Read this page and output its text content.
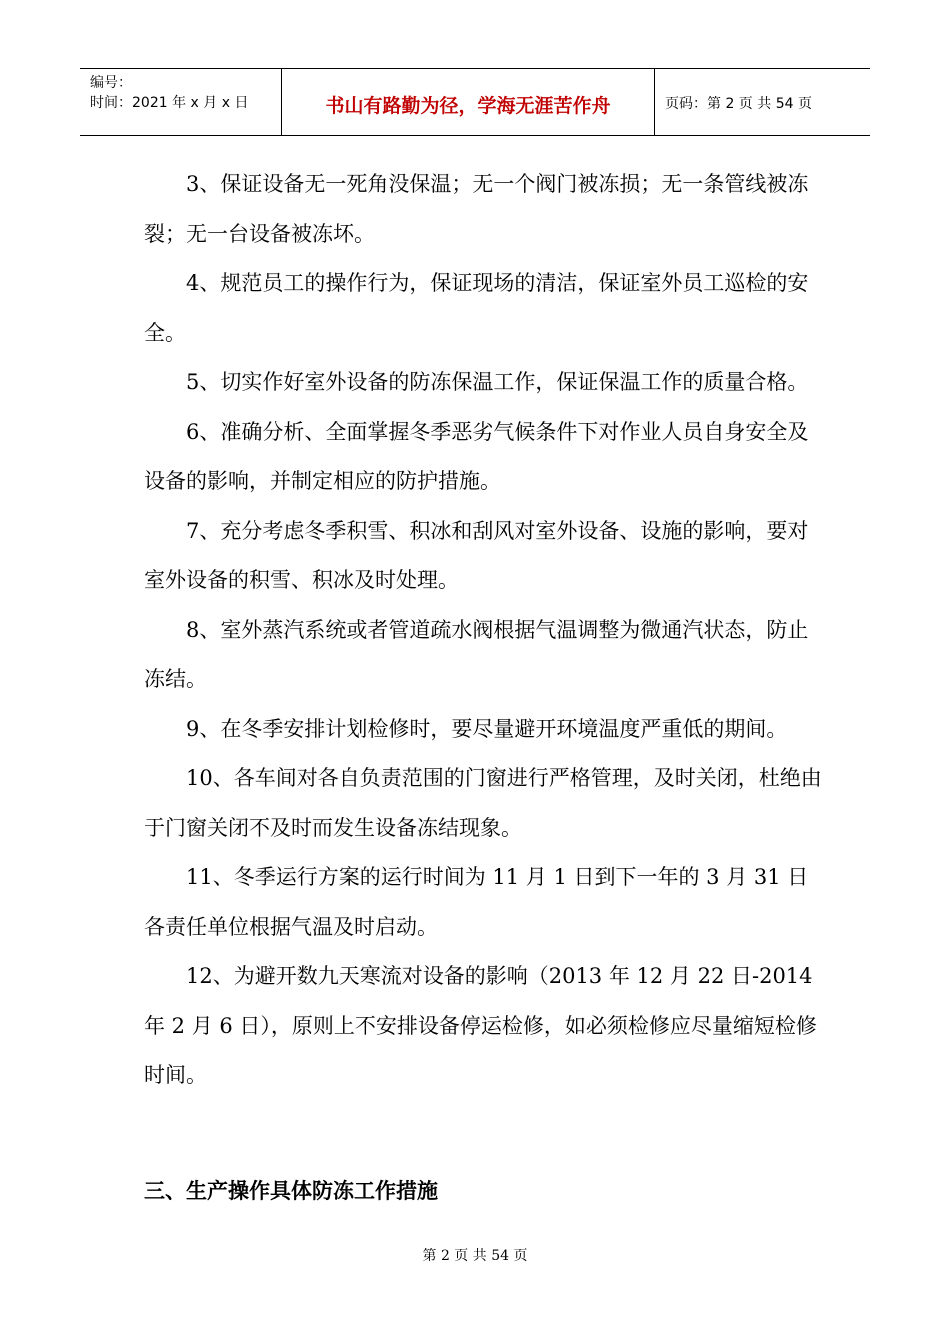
编号：
时间：2021 年 x 月 x 日	书山有路勤为径，学海无涯苦作舟	页码：第 2 页 共 54 页

3、保证设备无一死角没保温；无一个阀门被冻损；无一条管线被冻裂；无一台设备被冻坏。

4、规范员工的操作行为，保证现场的清洁，保证室外员工巡检的安全。

5、切实作好室外设备的防冻保温工作，保证保温工作的质量合格。

6、准确分析、全面掌握冬季恶劣气候条件下对作业人员自身安全及设备的影响，并制定相应的防护措施。

7、充分考虑冬季积雪、积冰和刮风对室外设备、设施的影响，要对室外设备的积雪、积冰及时处理。

8、室外蒸汽系统或者管道疏水阀根据气温调整为微通汽状态，防止冻结。

9、在冬季安排计划检修时，要尽量避开环境温度严重低的期间。

10、各车间对各自负责范围的门窗进行严格管理，及时关闭，杜绝由于门窗关闭不及时而发生设备冻结现象。

11、冬季运行方案的运行时间为 11 月 1 日到下一年的 3 月 31 日各责任单位根据气温及时启动。

12、为避开数九天寒流对设备的影响（2013 年 12 月 22 日-2014 年 2 月 6 日），原则上不安排设备停运检修，如必须检修应尽量缩短检修时间。

三、生产操作具体防冻工作措施
第 2 页 共 54 页
